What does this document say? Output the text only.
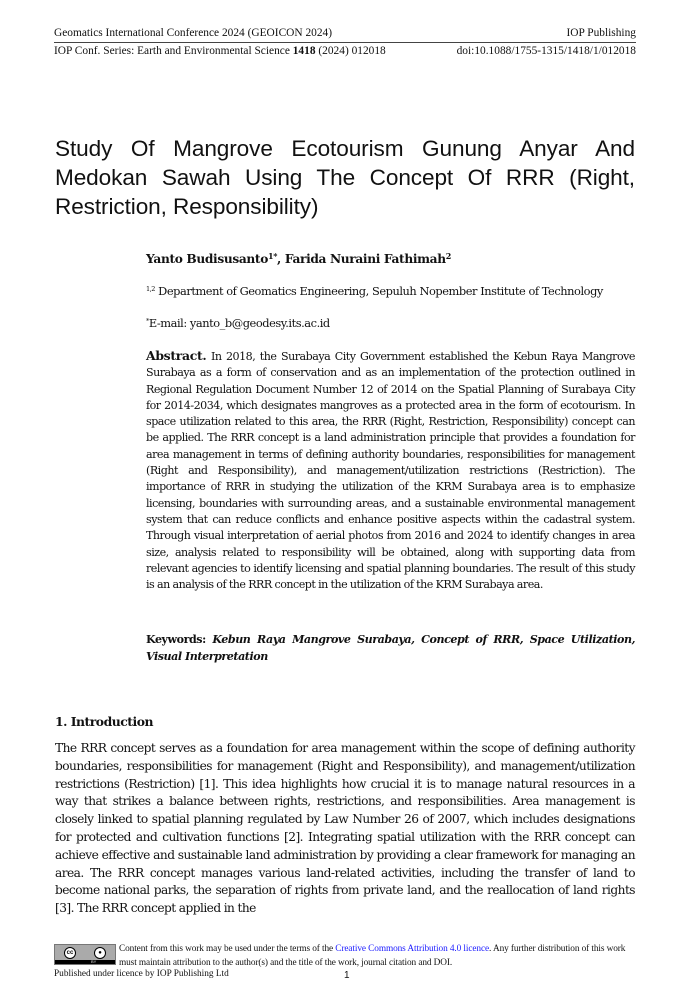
Geomatics International Conference 2024 (GEOICON 2024)	IOP Publishing
IOP Conf. Series: Earth and Environmental Science 1418 (2024) 012018	doi:10.1088/1755-1315/1418/1/012018
Study Of Mangrove Ecotourism Gunung Anyar And Medokan Sawah Using The Concept Of RRR (Right, Restriction, Responsibility)
Yanto Budisusanto$^{1*}$, Farida Nuraini Fathimah$^2$
$^{1,2}$ Department of Geomatics Engineering, Sepuluh Nopember Institute of Technology
*E-mail: yanto_b@geodesy.its.ac.id
Abstract. In 2018, the Surabaya City Government established the Kebun Raya Mangrove Surabaya as a form of conservation and as an implementation of the protection outlined in Regional Regulation Document Number 12 of 2014 on the Spatial Planning of Surabaya City for 2014-2034, which designates mangroves as a protected area in the form of ecotourism. In space utilization related to this area, the RRR (Right, Restriction, Responsibility) concept can be applied. The RRR concept is a land administration principle that provides a foundation for area management in terms of defining authority boundaries, responsibilities for management (Right and Responsibility), and management/utilization restrictions (Restriction). The importance of RRR in studying the utilization of the KRM Surabaya area is to emphasize licensing, boundaries with surrounding areas, and a sustainable environmental management system that can reduce conflicts and enhance positive aspects within the cadastral system. Through visual interpretation of aerial photos from 2016 and 2024 to identify changes in area size, analysis related to responsibility will be obtained, along with supporting data from relevant agencies to identify licensing and spatial planning boundaries. The result of this study is an analysis of the RRR concept in the utilization of the KRM Surabaya area.
Keywords: Kebun Raya Mangrove Surabaya, Concept of RRR, Space Utilization, Visual Interpretation
1. Introduction
The RRR concept serves as a foundation for area management within the scope of defining authority boundaries, responsibilities for management (Right and Responsibility), and management/utilization restrictions (Restriction) [1]. This idea highlights how crucial it is to manage natural resources in a way that strikes a balance between rights, restrictions, and responsibilities. Area management is closely linked to spatial planning regulated by Law Number 26 of 2007, which includes designations for protected and cultivation functions [2]. Integrating spatial utilization with the RRR concept can achieve effective and sustainable land administration by providing a clear framework for managing an area. The RRR concept manages various land-related activities, including the transfer of land to become national parks, the separation of rights from private land, and the reallocation of land rights [3]. The RRR concept applied in the
cc	●
BY
Content from this work may be used under the terms of the Creative Commons Attribution 4.0 licence. Any further distribution of this work must maintain attribution to the author(s) and the title of the work, journal citation and DOI.
Published under licence by IOP Publishing Ltd	1
